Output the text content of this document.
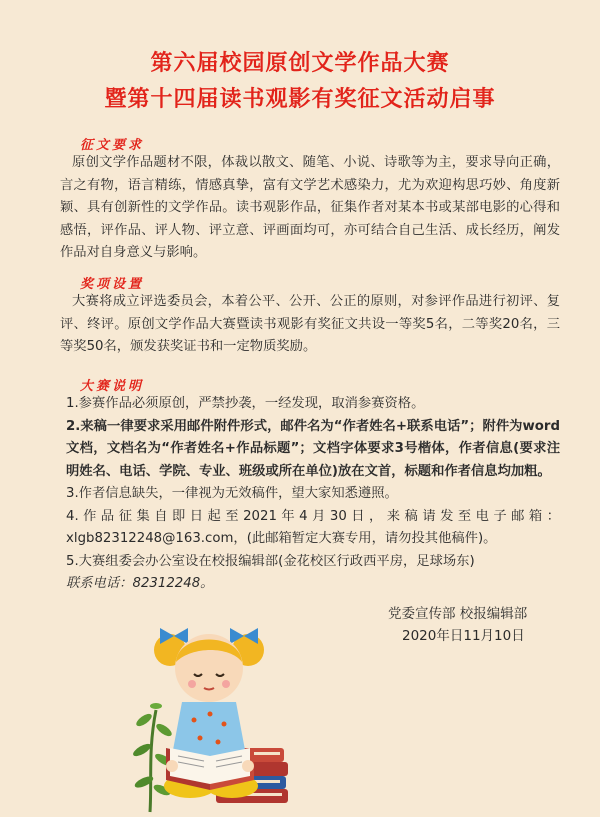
第六届校园原创文学作品大赛
暨第十四届读书观影有奖征文活动启事
征文要求

原创文学作品题材不限，体裁以散文、随笔、小说、诗歌等为主，要求导向正确，言之有物，语言精练，情感真挚，富有文学艺术感染力，尤为欢迎构思巧妙、角度新颖、具有创新性的文学作品。读书观影作品，征集作者对某本书或某部电影的心得和感悟，评作品、评人物、评立意、评画面均可，亦可结合自己生活、成长经历，阐发作品对自身意义与影响。

奖项设置

大赛将成立评选委员会，本着公平、公开、公正的原则，对参评作品进行初评、复评、终评。原创文学作品大赛暨读书观影有奖征文共设一等奖5名，二等奖20名，三等奖50名，颁发获奖证书和一定物质奖励。

大赛说明

1.参赛作品必须原创，严禁抄袭，一经发现，取消参赛资格。

2.来稿一律要求采用邮件附件形式，邮件名为“作者姓名+联系电话”；附件为word文档，文档名为“作者姓名+作品标题”；文档字体要求3号楷体，作者信息(要求注明姓名、电话、学院、专业、班级或所在单位)放在文首，标题和作者信息均加粗。

3.作者信息缺失，一律视为无效稿件，望大家知悉遵照。

4.作品征集自即日起至2021年4月30日，来稿请发至电子邮箱：xlgb82312248@163.com，(此邮箱暂定大赛专用，请勿投其他稿件)。

5.大赛组委会办公室设在校报编辑部(金花校区行政西平房，足球场东)

联系电话：82312248。

党委宣传部 校报编辑部
2020年日11月10日
